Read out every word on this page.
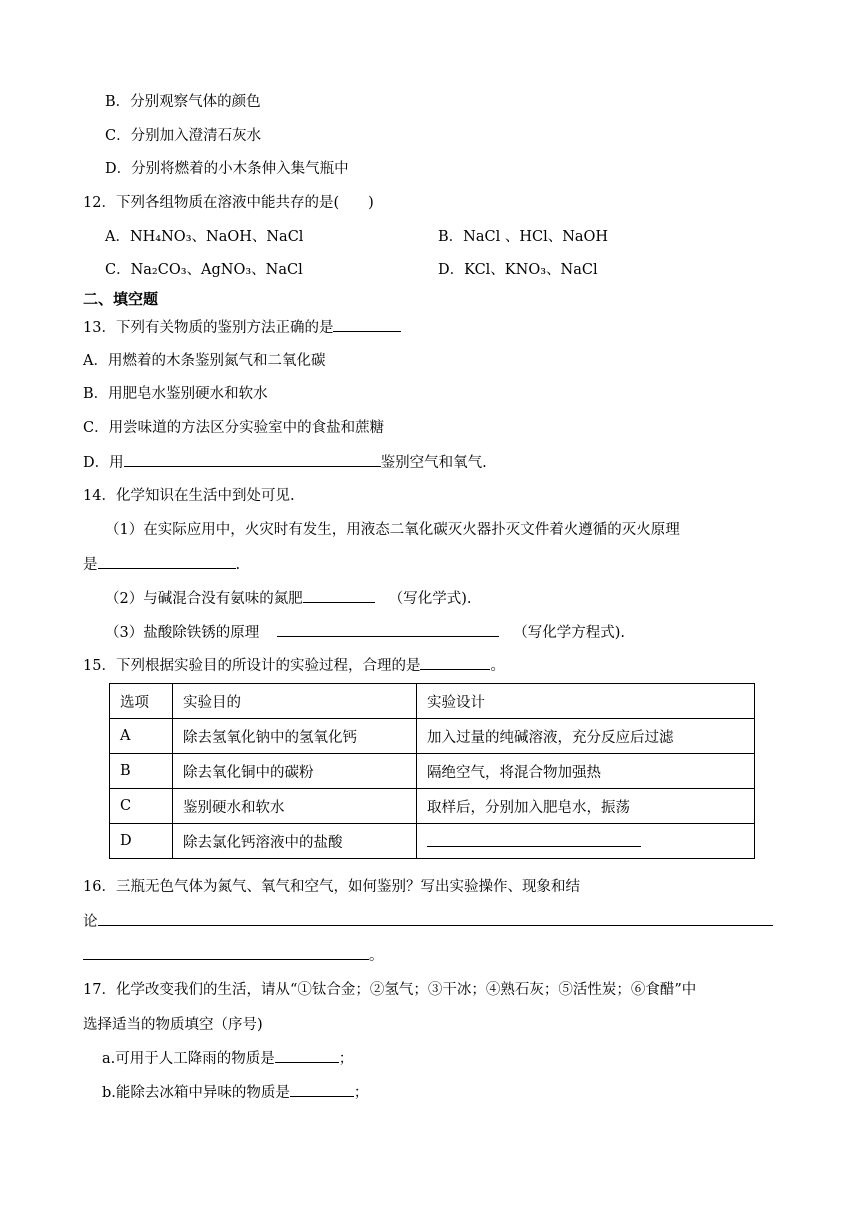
B．分别观察气体的颜色
C．分别加入澄清石灰水
D．分别将燃着的小木条伸入集气瓶中
12．下列各组物质在溶液中能共存的是(　　)
A．NH₄NO₃、NaOH、NaCl	B．NaCl 、HCl、NaOH
C．Na₂CO₃、AgNO₃、NaCl	D．KCl、KNO₃、NaCl
二、填空题
13．下列有关物质的鉴别方法正确的是
A．用燃着的木条鉴别氮气和二氧化碳
B．用肥皂水鉴别硬水和软水
C．用尝味道的方法区分实验室中的食盐和蔗糖
D．用	鉴别空气和氧气.
14．化学知识在生活中到处可见.
（1）在实际应用中，火灾时有发生，用液态二氧化碳灭火器扑灭文件着火遵循的灭火原理
是	.
（2）与碱混合没有氨味的氮肥	（写化学式).
（3）盐酸除铁锈的原理	（写化学方程式).
15．下列根据实验目的所设计的实验过程，合理的是	。
选项	实验目的	实验设计
A	除去氢氧化钠中的氢氧化钙	加入过量的纯碱溶液，充分反应后过滤
B	除去氧化铜中的碳粉	隔绝空气，将混合物加强热
C	鉴别硬水和软水	取样后，分别加入肥皂水，振荡
D	除去氯化钙溶液中的盐酸	
16．三瓶无色气体为氮气、氧气和空气，如何鉴别？写出实验操作、现象和结
论
。
17．化学改变我们的生活，请从“①钛合金；②氢气；③干冰；④熟石灰；⑤活性炭；⑥食醋”中
选择适当的物质填空（序号)
a.可用于人工降雨的物质是	；
b.能除去冰箱中异味的物质是	；
